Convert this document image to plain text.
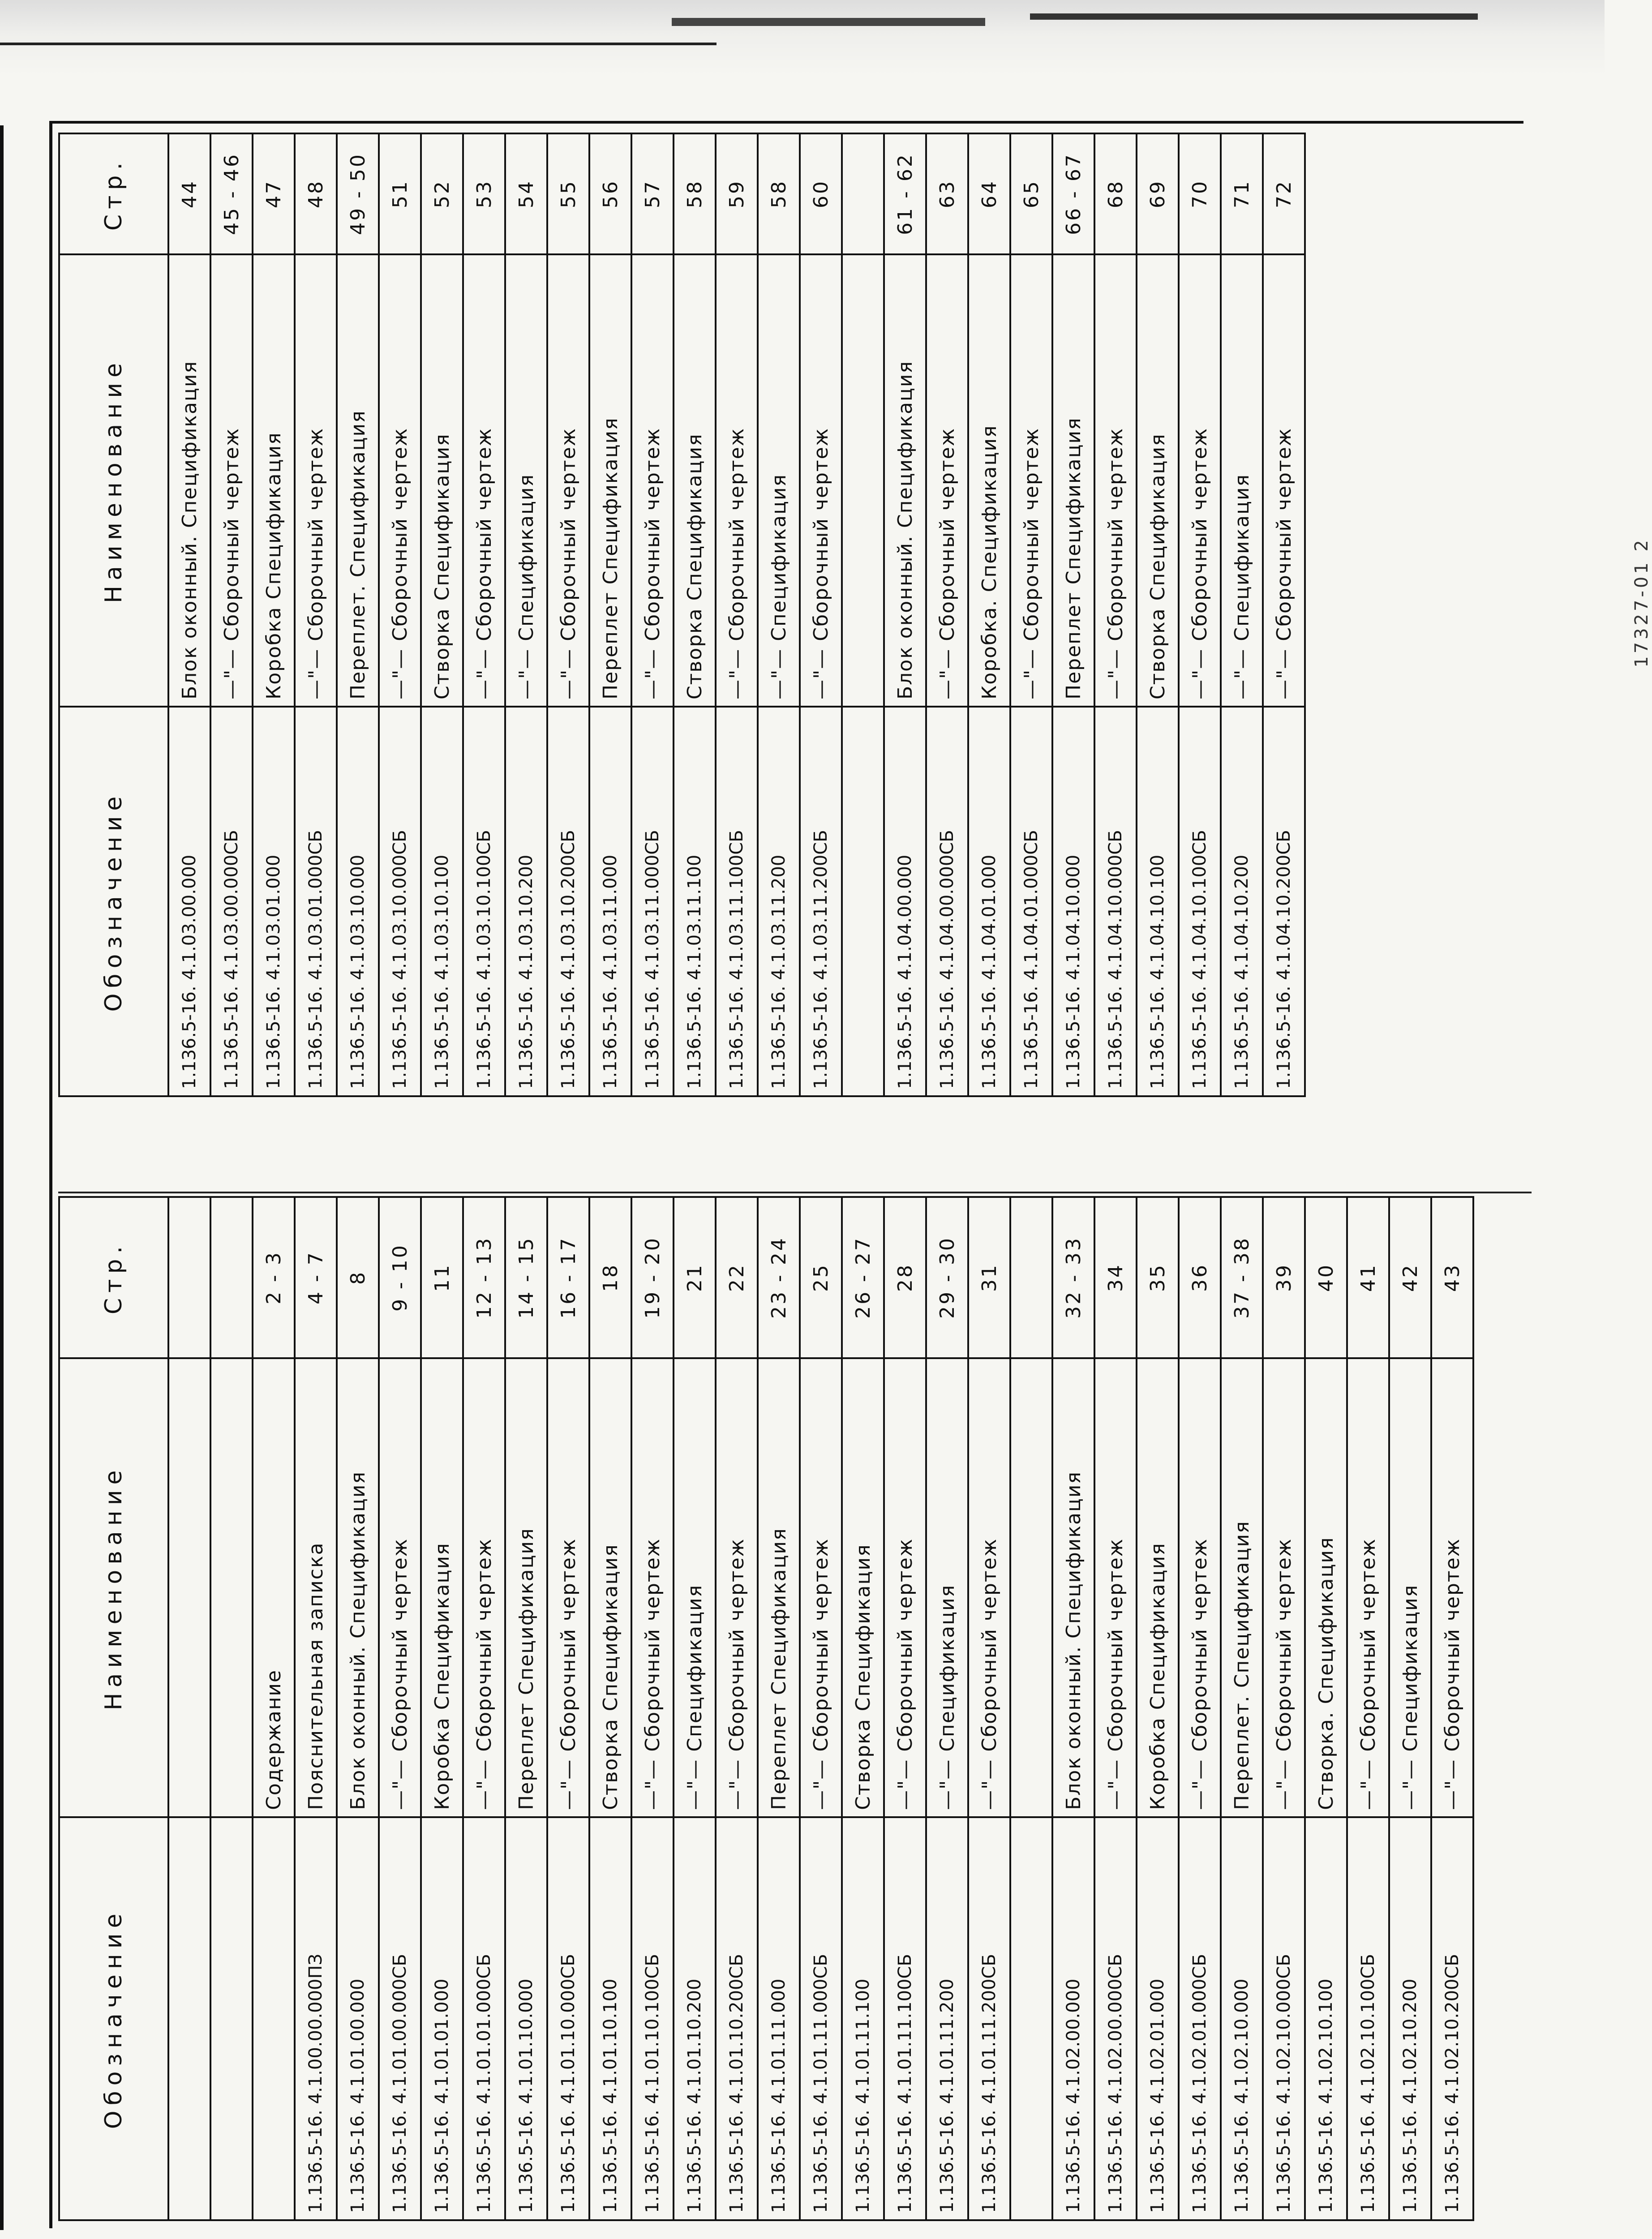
Обозначение	Наименование	Стр.

	Содержание	2 - 3
1.136.5-16. 4.1.00.00.000ПЗ	Пояснительная записка	4 - 7
1.136.5-16. 4.1.01.00.000	Блок оконный. Спецификация	8
1.136.5-16. 4.1.01.00.000СБ	—"— Сборочный чертеж	9 - 10
1.136.5-16. 4.1.01.01.000	Коробка Спецификация	11
1.136.5-16. 4.1.01.01.000СБ	—"— Сборочный чертеж	12 - 13
1.136.5-16. 4.1.01.10.000	Переплет Спецификация	14 - 15
1.136.5-16. 4.1.01.10.000СБ	—"— Сборочный чертеж	16 - 17
1.136.5-16. 4.1.01.10.100	Створка Спецификация	18
1.136.5-16. 4.1.01.10.100СБ	—"— Сборочный чертеж	19 - 20
1.136.5-16. 4.1.01.10.200	—"— Спецификация	21
1.136.5-16. 4.1.01.10.200СБ	—"— Сборочный чертеж	22
1.136.5-16. 4.1.01.11.000	Переплет Спецификация	23 - 24
1.136.5-16. 4.1.01.11.000СБ	—"— Сборочный чертеж	25
1.136.5-16. 4.1.01.11.100	Створка Спецификация	26 - 27
1.136.5-16. 4.1.01.11.100СБ	—"— Сборочный чертеж	28
1.136.5-16. 4.1.01.11.200	—"— Спецификация	29 - 30
1.136.5-16. 4.1.01.11.200СБ	—"— Сборочный чертеж	31

1.136.5-16. 4.1.02.00.000	Блок оконный. Спецификация	32 - 33
1.136.5-16. 4.1.02.00.000СБ	—"— Сборочный чертеж	34
1.136.5-16. 4.1.02.01.000	Коробка Спецификация	35
1.136.5-16. 4.1.02.01.000СБ	—"— Сборочный чертеж	36
1.136.5-16. 4.1.02.10.000	Переплет. Спецификация	37 - 38
1.136.5-16. 4.1.02.10.000СБ	—"— Сборочный чертеж	39
1.136.5-16. 4.1.02.10.100	Створка. Спецификация	40
1.136.5-16. 4.1.02.10.100СБ	—"— Сборочный чертеж	41
1.136.5-16. 4.1.02.10.200	—"— Спецификация	42
1.136.5-16. 4.1.02.10.200СБ	—"— Сборочный чертеж	43
Обозначение	Наименование	Стр.
1.136.5-16. 4.1.03.00.000	Блок оконный. Спецификация	44
1.136.5-16. 4.1.03.00.000СБ	—"— Сборочный чертеж	45 - 46
1.136.5-16. 4.1.03.01.000	Коробка Спецификация	47
1.136.5-16. 4.1.03.01.000СБ	—"— Сборочный чертеж	48
1.136.5-16. 4.1.03.10.000	Переплет. Спецификация	49 - 50
1.136.5-16. 4.1.03.10.000СБ	—"— Сборочный чертеж	51
1.136.5-16. 4.1.03.10.100	Створка Спецификация	52
1.136.5-16. 4.1.03.10.100СБ	—"— Сборочный чертеж	53
1.136.5-16. 4.1.03.10.200	—"— Спецификация	54
1.136.5-16. 4.1.03.10.200СБ	—"— Сборочный чертеж	55
1.136.5-16. 4.1.03.11.000	Переплет Спецификация	56
1.136.5-16. 4.1.03.11.000СБ	—"— Сборочный чертеж	57
1.136.5-16. 4.1.03.11.100	Створка Спецификация	58
1.136.5-16. 4.1.03.11.100СБ	—"— Сборочный чертеж	59
1.136.5-16. 4.1.03.11.200	—"— Спецификация	58
1.136.5-16. 4.1.03.11.200СБ	—"— Сборочный чертеж	60

1.136.5-16. 4.1.04.00.000	Блок оконный. Спецификация	61 - 62
1.136.5-16. 4.1.04.00.000СБ	—"— Сборочный чертеж	63
1.136.5-16. 4.1.04.01.000	Коробка. Спецификация	64
1.136.5-16. 4.1.04.01.000СБ	—"— Сборочный чертеж	65
1.136.5-16. 4.1.04.10.000	Переплет Спецификация	66 - 67
1.136.5-16. 4.1.04.10.000СБ	—"— Сборочный чертеж	68
1.136.5-16. 4.1.04.10.100	Створка Спецификация	69
1.136.5-16. 4.1.04.10.100СБ	—"— Сборочный чертеж	70
1.136.5-16. 4.1.04.10.200	—"— Спецификация	71
1.136.5-16. 4.1.04.10.200СБ	—"— Сборочный чертеж	72
17327-01 2
